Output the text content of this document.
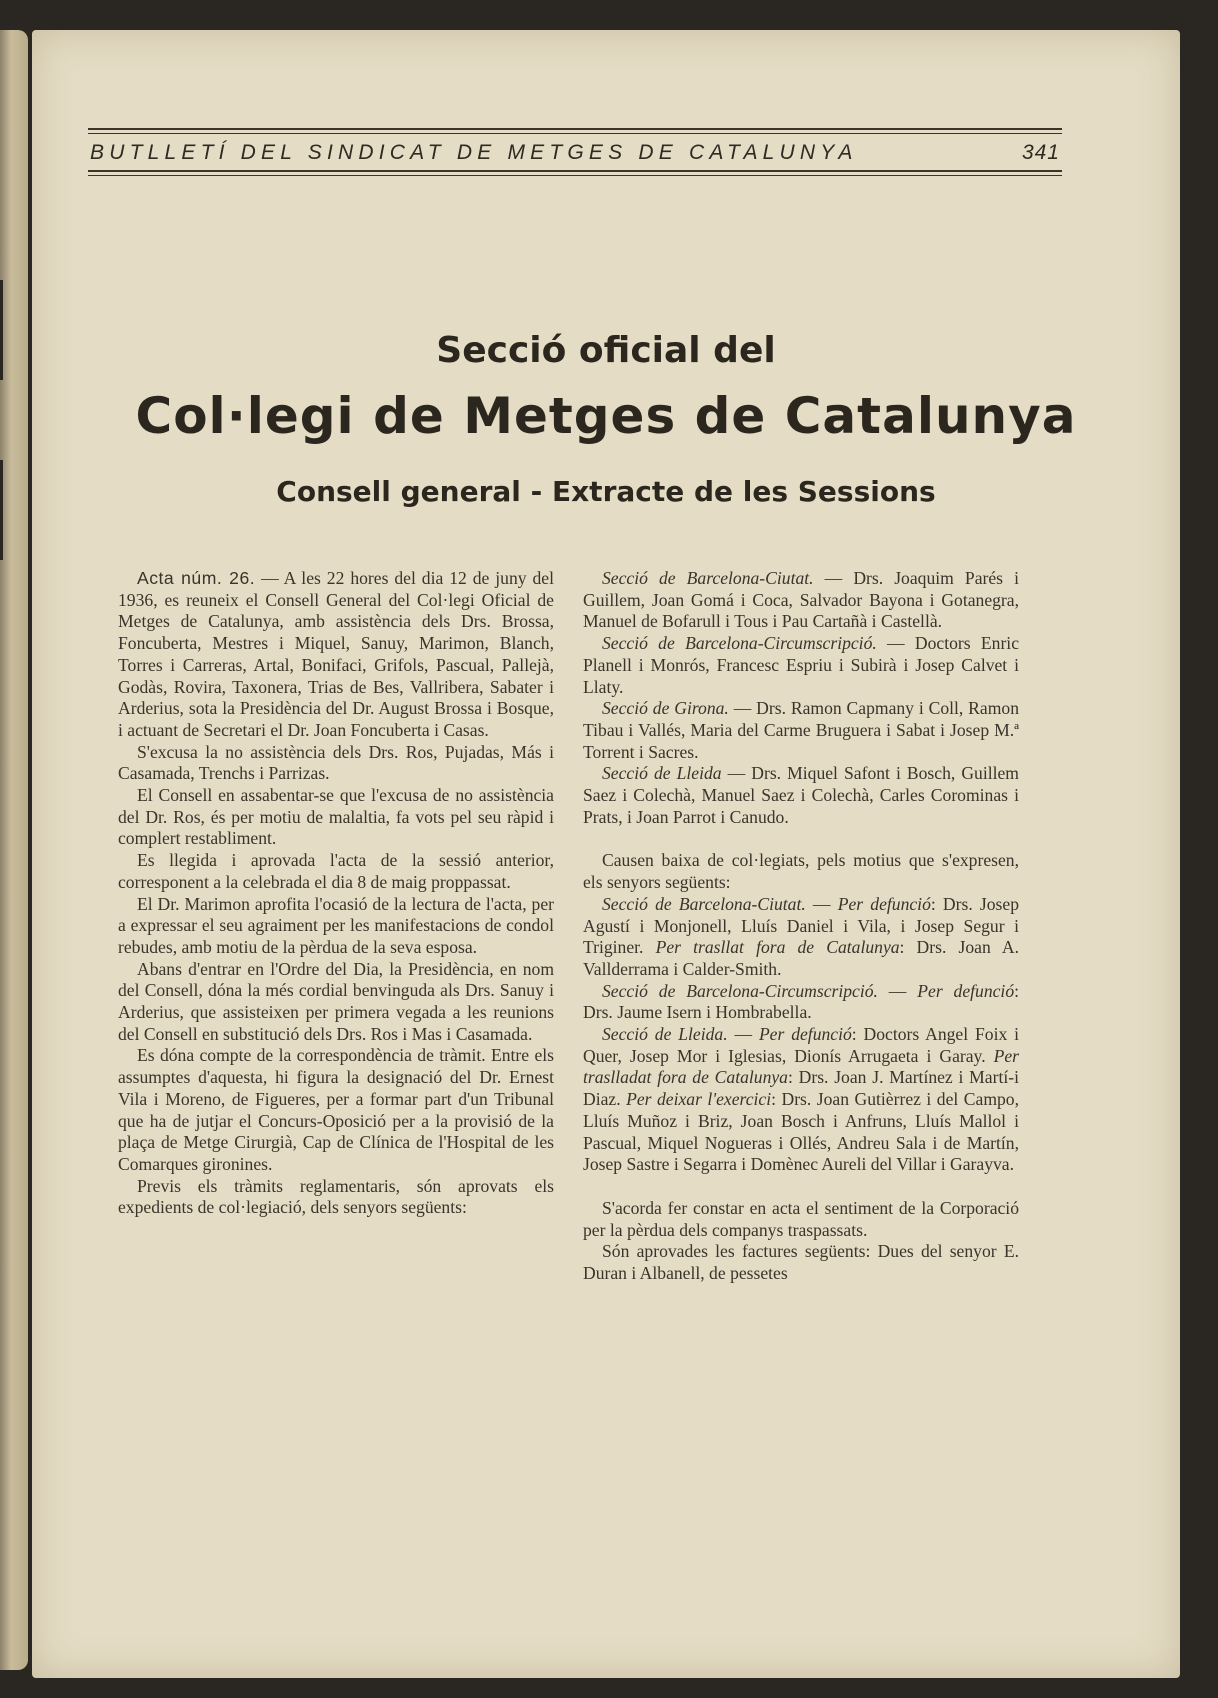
BUTLLETÍ DEL SINDICAT DE METGES DE CATALUNYA	341
Secció oficial del
Col·legi de Metges de Catalunya
Consell general - Extracte de les Sessions

Acta núm. 26. — A les 22 hores del dia 12 de juny del 1936, es reuneix el Consell General del Col·legi Oficial de Metges de Catalunya, amb assistència dels Drs. Brossa, Foncuberta, Mestres i Miquel, Sanuy, Marimon, Blanch, Torres i Carreras, Artal, Bonifaci, Grifols, Pascual, Pallejà, Godàs, Rovira, Taxonera, Trias de Bes, Vallribera, Sabater i Arderius, sota la Presidència del Dr. August Brossa i Bosque, i actuant de Secretari el Dr. Joan Foncuberta i Casas.

S'excusa la no assistència dels Drs. Ros, Pujadas, Más i Casamada, Trenchs i Parrizas.

El Consell en assabentar-se que l'excusa de no assistència del Dr. Ros, és per motiu de malaltia, fa vots pel seu ràpid i complert restabliment.

Es llegida i aprovada l'acta de la sessió anterior, corresponent a la celebrada el dia 8 de maig proppassat.

El Dr. Marimon aprofita l'ocasió de la lectura de l'acta, per a expressar el seu agraiment per les manifestacions de condol rebudes, amb motiu de la pèrdua de la seva esposa.

Abans d'entrar en l'Ordre del Dia, la Presidència, en nom del Consell, dóna la més cordial benvinguda als Drs. Sanuy i Arderius, que assisteixen per primera vegada a les reunions del Consell en substitució dels Drs. Ros i Mas i Casamada.

Es dóna compte de la correspondència de tràmit. Entre els assumptes d'aquesta, hi figura la designació del Dr. Ernest Vila i Moreno, de Figueres, per a formar part d'un Tribunal que ha de jutjar el Concurs-Oposició per a la provisió de la plaça de Metge Cirurgià, Cap de Clínica de l'Hospital de les Comarques gironines.

Previs els tràmits reglamentaris, són aprovats els expedients de col·legiació, dels senyors següents:

Secció de Barcelona-Ciutat. — Drs. Joaquim Parés i Guillem, Joan Gomá i Coca, Salvador Bayona i Gotanegra, Manuel de Bofarull i Tous i Pau Cartañà i Castellà.

Secció de Barcelona-Circumscripció. — Doctors Enric Planell i Monrós, Francesc Espriu i Subirà i Josep Calvet i Llaty.

Secció de Girona. — Drs. Ramon Capmany i Coll, Ramon Tibau i Vallés, Maria del Carme Bruguera i Sabat i Josep M.ª Torrent i Sacres.

Secció de Lleida — Drs. Miquel Safont i Bosch, Guillem Saez i Colechà, Manuel Saez i Colechà, Carles Corominas i Prats, i Joan Parrot i Canudo.

Causen baixa de col·legiats, pels motius que s'expresen, els senyors següents:

Secció de Barcelona-Ciutat. — Per defunció: Drs. Josep Agustí i Monjonell, Lluís Daniel i Vila, i Josep Segur i Triginer. Per trasllat fora de Catalunya: Drs. Joan A. Vallderrama i Calder-Smith.

Secció de Barcelona-Circumscripció. — Per defunció: Drs. Jaume Isern i Hombrabella.

Secció de Lleida. — Per defunció: Doctors Angel Foix i Quer, Josep Mor i Iglesias, Dionís Arrugaeta i Garay. Per traslladat fora de Catalunya: Drs. Joan J. Martínez i Martí-i Diaz. Per deixar l'exercici: Drs. Joan Gutièrrez i del Campo, Lluís Muñoz i Briz, Joan Bosch i Anfruns, Lluís Mallol i Pascual, Miquel Nogueras i Ollés, Andreu Sala i de Martín, Josep Sastre i Segarra i Domènec Aureli del Villar i Garayva.

S'acorda fer constar en acta el sentiment de la Corporació per la pèrdua dels companys traspassats.

Són aprovades les factures següents: Dues del senyor E. Duran i Albanell, de pessetes
